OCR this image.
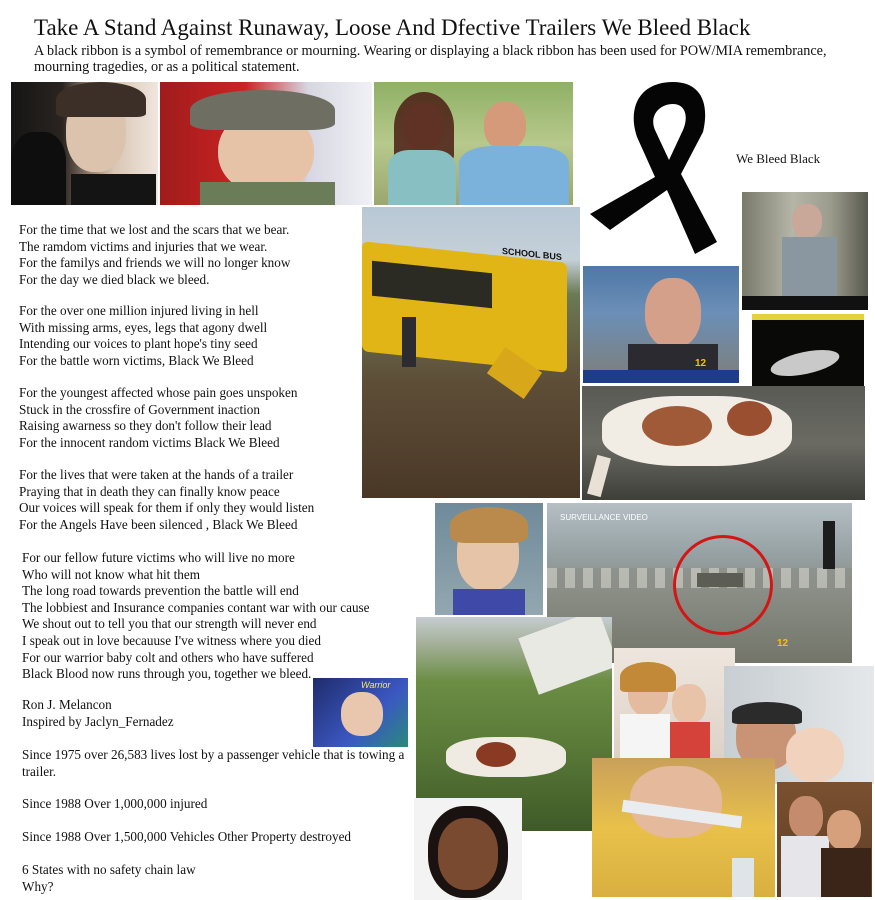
Take A Stand Against Runaway, Loose And Dfective Trailers We Bleed Black
A black ribbon is a symbol of remembrance or mourning. Wearing or displaying a black ribbon has been used for POW/MIA remembrance, mourning tragedies, or as a political statement.
We Bleed Black
12
SCHOOL BUS
SURVEILLANCE VIDEO
12
Warrior
For the time that we lost and the scars that we bear.
The ramdom victims and injuries that we wear.
For the familys and friends we will no longer know
For the day we died black we bleed.
For the over one million injured living in hell
With missing arms, eyes, legs that agony dwell
Intending our voices to plant hope's tiny seed
For the battle worn victims, Black We Bleed
For the youngest affected whose pain goes unspoken
Stuck in the crossfire of Government inaction
Raising awarness so they don't follow their lead
For the innocent random victims Black We Bleed
For the lives that were taken at the hands of a trailer
Praying that in death they can finally know peace
Our voices will speak for them if only they would listen
For the Angels Have been silenced , Black We Bleed
For our fellow future victims who will live no more
Who will not know what hit them
The long road towards prevention the battle will end
The lobbiest and Insurance companies contant war with our cause
We shout out to tell you that our strength will never end
I speak out in love becauuse I've witness where you died
For our warrior baby colt and others who have suffered
Black Blood now runs through you, together we bleed.
Ron J. Melancon
Inspired by Jaclyn_Fernadez
Since 1975 over 26,583 lives lost by a passenger vehicle that is towing a trailer.
Since 1988 Over 1,000,000 injured
Since 1988 Over 1,500,000 Vehicles Other Property destroyed
6 States with no safety chain law
Why?
